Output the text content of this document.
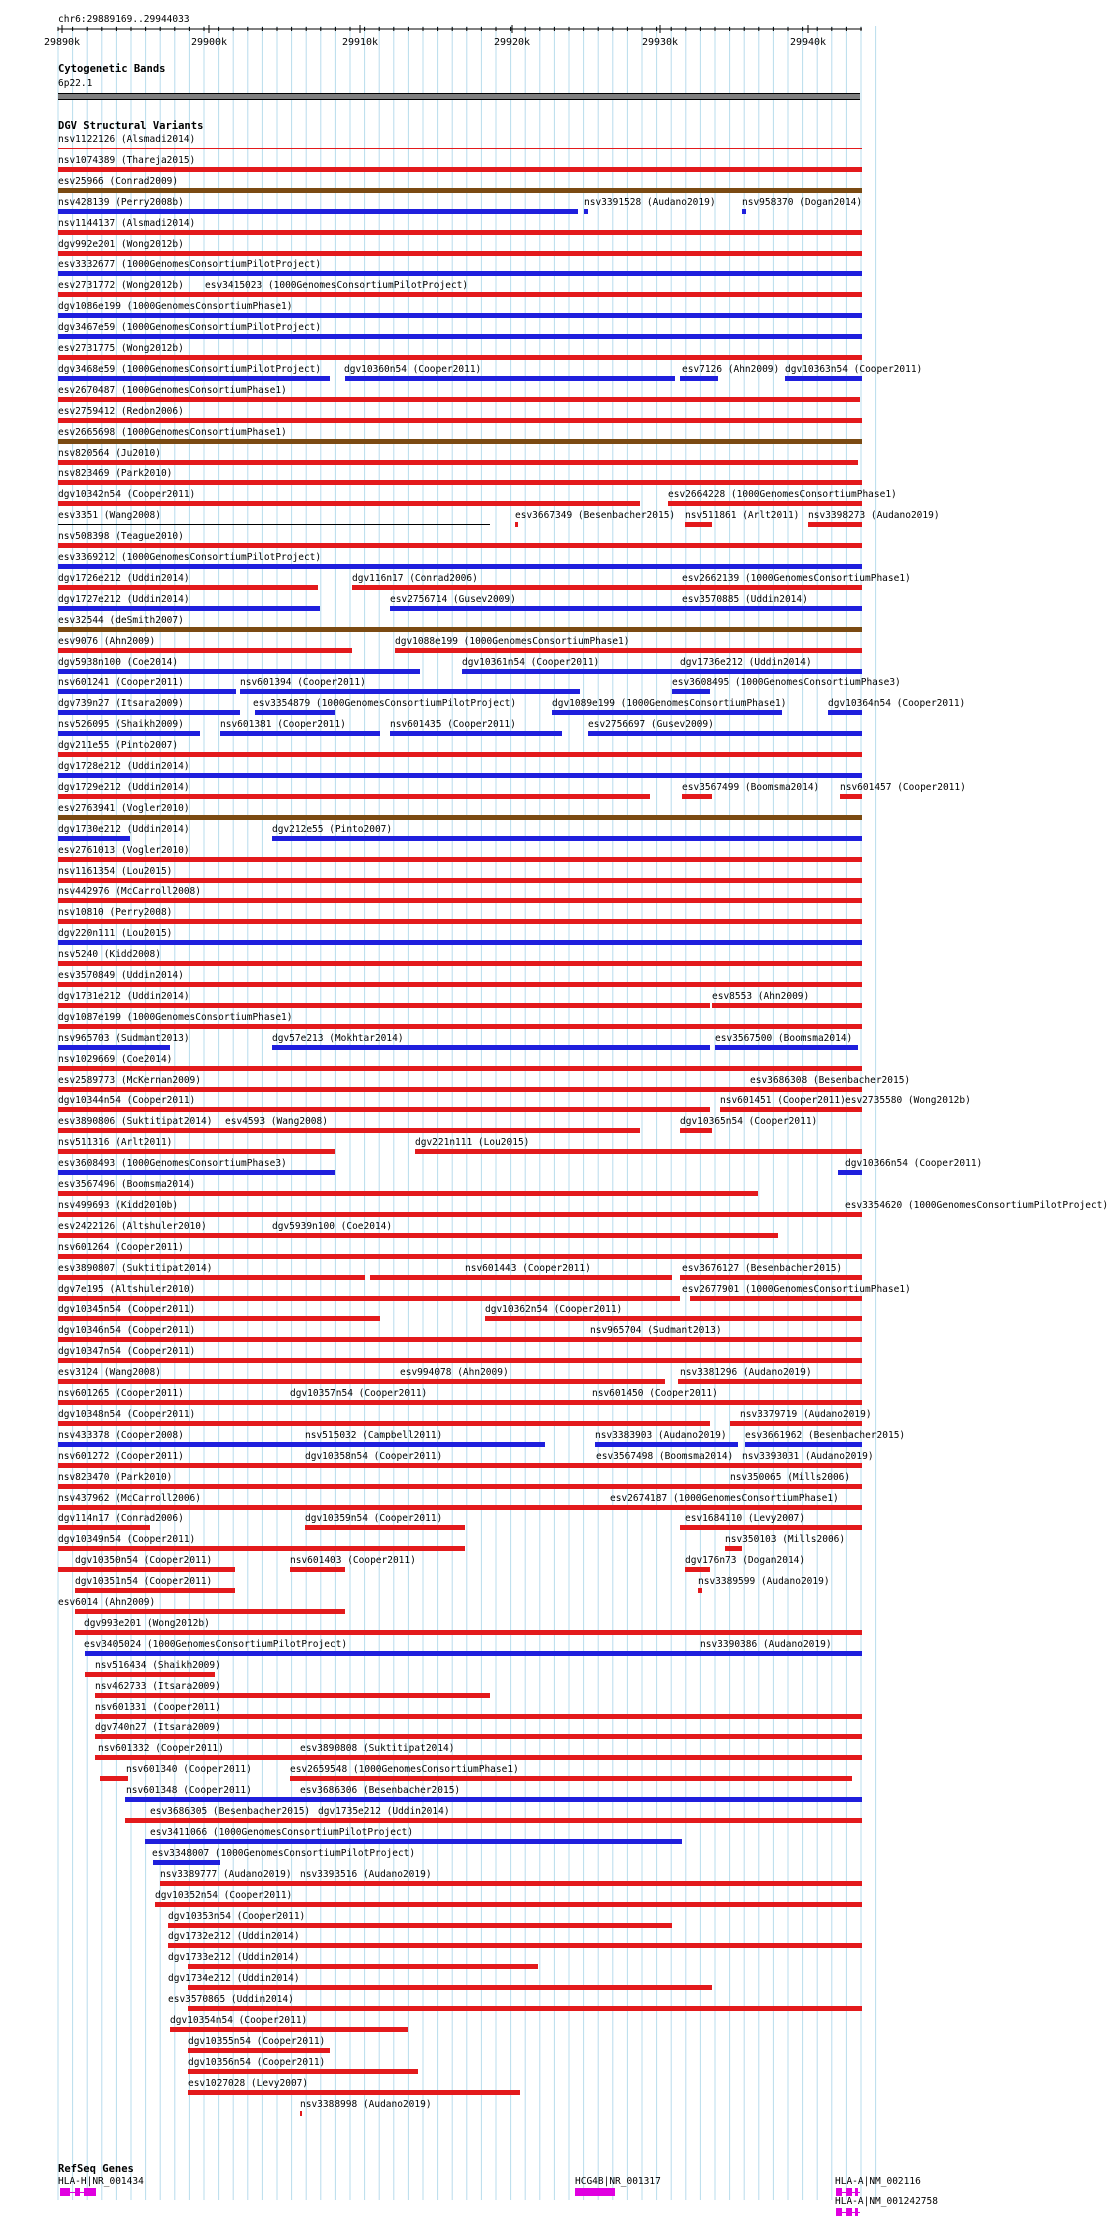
chr6:29889169..29944033
29890k	29900k	29910k	29920k	29930k	29940k
Cytogenetic Bands
6p22.1
DGV Structural Variants
nsv1122126 (Alsmadi2014)
nsv1074389 (Thareja2015)
esv25966 (Conrad2009)
nsv428139 (Perry2008b)	nsv3391528 (Audano2019)	nsv958370 (Dogan2014)
nsv1144137 (Alsmadi2014)
dgv992e201 (Wong2012b)
esv3332677 (1000GenomesConsortiumPilotProject)
esv2731772 (Wong2012b) esv3415023 (1000GenomesConsortiumPilotProject)
dgv1086e199 (1000GenomesConsortiumPhase1)
dgv3467e59 (1000GenomesConsortiumPilotProject)
esv2731775 (Wong2012b)
dgv3468e59 (1000GenomesConsortiumPilotProject) dgv10360n54 (Cooper2011)	esv7126 (Ahn2009) dgv10363n54 (Cooper2011)
esv2670487 (1000GenomesConsortiumPhase1)
esv2759412 (Redon2006)
esv2665698 (1000GenomesConsortiumPhase1)
nsv820564 (Ju2010)
nsv823469 (Park2010)
dgv10342n54 (Cooper2011)	esv2664228 (1000GenomesConsortiumPhase1)
esv3351 (Wang2008)	esv3667349 (Besenbacher2015) nsv511861 (Arlt2011) nsv3398273 (Audano2019)
nsv508398 (Teague2010)
esv3369212 (1000GenomesConsortiumPilotProject)
dgv1726e212 (Uddin2014)	dgv116n17 (Conrad2006)	esv2662139 (1000GenomesConsortiumPhase1)
dgv1727e212 (Uddin2014)	esv2756714 (Gusev2009)	esv3570885 (Uddin2014)
esv32544 (deSmith2007)
esv9076 (Ahn2009)	dgv1088e199 (1000GenomesConsortiumPhase1)
dgv5938n100 (Coe2014)	dgv10361n54 (Cooper2011)	dgv1736e212 (Uddin2014)
nsv601241 (Cooper2011)	nsv601394 (Cooper2011)	esv3608495 (1000GenomesConsortiumPhase3)
dgv739n27 (Itsara2009)	esv3354879 (1000GenomesConsortiumPilotProject)	dgv1089e199 (1000GenomesConsortiumPhase1)	dgv10364n54 (Cooper2011)
nsv526095 (Shaikh2009)	nsv601381 (Cooper2011)	nsv601435 (Cooper2011)	esv2756697 (Gusev2009)
dgv211e55 (Pinto2007)
dgv1728e212 (Uddin2014)
dgv1729e212 (Uddin2014)	esv3567499 (Boomsma2014) nsv601457 (Cooper2011)
esv2763941 (Vogler2010)
dgv1730e212 (Uddin2014)	dgv212e55 (Pinto2007)
esv2761013 (Vogler2010)
nsv1161354 (Lou2015)
nsv442976 (McCarroll2008)
nsv10810 (Perry2008)
dgv220n111 (Lou2015)
nsv5240 (Kidd2008)
esv3570849 (Uddin2014)
dgv1731e212 (Uddin2014)	esv8553 (Ahn2009)
dgv1087e199 (1000GenomesConsortiumPhase1)
nsv965703 (Sudmant2013)	dgv57e213 (Mokhtar2014)	esv3567500 (Boomsma2014)
nsv1029669 (Coe2014)
esv2589773 (McKernan2009)	esv3686308 (Besenbacher2015)
dgv10344n54 (Cooper2011)	nsv601451 (Cooper2011) esv2735580 (Wong2012b)
esv3890806 (Suktitipat2014) esv4593 (Wang2008)	dgv10365n54 (Cooper2011)
nsv511316 (Arlt2011)	dgv221n111 (Lou2015)
esv3608493 (1000GenomesConsortiumPhase3)	dgv10366n54 (Cooper2011)
esv3567496 (Boomsma2014)
nsv499693 (Kidd2010b)	esv3354620 (1000GenomesConsortiumPilotProject)
esv2422126 (Altshuler2010)	dgv5939n100 (Coe2014)
nsv601264 (Cooper2011)
esv3890807 (Suktitipat2014)	nsv601443 (Cooper2011)	esv3676127 (Besenbacher2015)
dgv7e195 (Altshuler2010)	esv2677901 (1000GenomesConsortiumPhase1)
dgv10345n54 (Cooper2011)	dgv10362n54 (Cooper2011)
dgv10346n54 (Cooper2011)	nsv965704 (Sudmant2013)
dgv10347n54 (Cooper2011)
esv3124 (Wang2008)	nsv3381296 (Audano2019)
esv994078 (Ahn2009)
nsv601265 (Cooper2011)	dgv10357n54 (Cooper2011)	nsv601450 (Cooper2011)
dgv10348n54 (Cooper2011)	nsv3379719 (Audano2019)
nsv433378 (Cooper2008)	nsv515032 (Campbell2011)	nsv3383903 (Audano2019) esv3661962 (Besenbacher2015)
nsv601272 (Cooper2011)	dgv10358n54 (Cooper2011)	esv3567498 (Boomsma2014) nsv3393031 (Audano2019)
nsv823470 (Park2010)	nsv350065 (Mills2006)
nsv437962 (McCarroll2006)	esv2674187 (1000GenomesConsortiumPhase1)
dgv114n17 (Conrad2006)	dgv10359n54 (Cooper2011)	esv1684110 (Levy2007)
dgv10349n54 (Cooper2011)	nsv350103 (Mills2006)
dgv10350n54 (Cooper2011)	nsv601403 (Cooper2011)	dgv176n73 (Dogan2014)
dgv10351n54 (Cooper2011)	nsv3389599 (Audano2019)
esv6014 (Ahn2009)
dgv993e201 (Wong2012b)
esv3405024 (1000GenomesConsortiumPilotProject)	nsv3390386 (Audano2019)
nsv516434 (Shaikh2009)
nsv462733 (Itsara2009)
nsv601331 (Cooper2011)
dgv740n27 (Itsara2009)
nsv601332 (Cooper2011)	esv3890808 (Suktitipat2014)
nsv601340 (Cooper2011)	esv2659548 (1000GenomesConsortiumPhase1)
nsv601348 (Cooper2011)	esv3686306 (Besenbacher2015)
esv3686305 (Besenbacher2015) dgv1735e212 (Uddin2014)
esv3411066 (1000GenomesConsortiumPilotProject)
esv3348007 (1000GenomesConsortiumPilotProject)
nsv3389777 (Audano2019) nsv3393516 (Audano2019)
dgv10352n54 (Cooper2011)
dgv10353n54 (Cooper2011)
dgv1732e212 (Uddin2014)
dgv1733e212 (Uddin2014)
dgv1734e212 (Uddin2014)
esv3570865 (Uddin2014)
dgv10354n54 (Cooper2011)
dgv10355n54 (Cooper2011)
dgv10356n54 (Cooper2011)
esv1027028 (Levy2007)
nsv3388998 (Audano2019)
RefSeq Genes
HLA-H|NR_001434	HCG4B|NR_001317	HLA-A|NM_002116
HLA-A|NM_001242758
